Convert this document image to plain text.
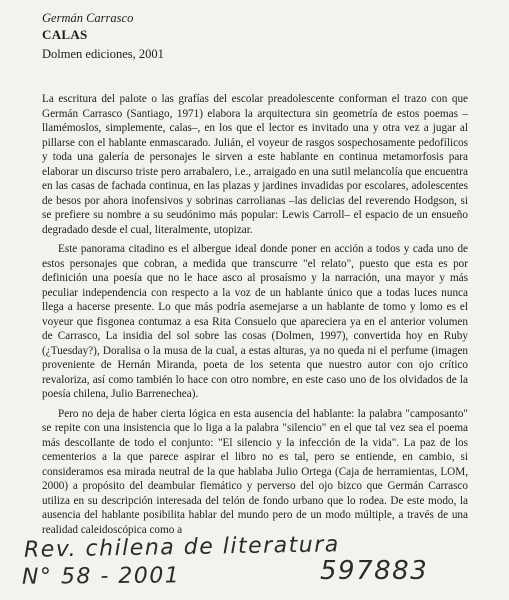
Germán Carrasco
CALAS
Dolmen ediciones, 2001

La escritura del palote o las grafías del escolar preadolescente conforman el trazo con que Germán Carrasco (Santiago, 1971) elabora la arquitectura sin geometría de estos poemas –llamémoslos, simplemente, calas–, en los que el lector es invitado una y otra vez a jugar al pillarse con el hablante enmascarado. Julián, el voyeur de rasgos sospechosamente pedofílicos y toda una galería de personajes le sirven a este hablante en continua metamorfosis para elaborar un discurso triste pero arrabalero, i.e., arraigado en una sutil melancolía que encuentra en las casas de fachada continua, en las plazas y jardines invadidas por escolares, adolescentes de besos por ahora inofensivos y sobrinas carrolianas –las delicias del reverendo Hodgson, si se prefiere su nombre a su seudónimo más popular: Lewis Carroll– el espacio de un ensueño degradado desde el cual, literalmente, utopizar.

Este panorama citadino es el albergue ideal donde poner en acción a todos y cada uno de estos personajes que cobran, a medida que transcurre "el relato", puesto que esta es por definición una poesía que no le hace asco al prosaísmo y la narración, una mayor y más peculiar independencia con respecto a la voz de un hablante único que a todas luces nunca llega a hacerse presente. Lo que más podría asemejarse a un hablante de tomo y lomo es el voyeur que fisgonea contumaz a esa Rita Consuelo que apareciera ya en el anterior volumen de Carrasco, La insidia del sol sobre las cosas (Dolmen, 1997), convertida hoy en Ruby (¿Tuesday?), Doralisa o la musa de la cual, a estas alturas, ya no queda ni el perfume (imagen proveniente de Hernán Miranda, poeta de los setenta que nuestro autor con ojo crítico revaloriza, así como también lo hace con otro nombre, en este caso uno de los olvidados de la poesía chilena, Julio Barrenechea).

Pero no deja de haber cierta lógica en esta ausencia del hablante: la palabra "camposanto" se repite con una insistencia que lo liga a la palabra "silencio" en el que tal vez sea el poema más descollante de todo el conjunto: "El silencio y la infección de la vida". La paz de los cementerios a la que parece aspirar el libro no es tal, pero se entiende, en cambio, si consideramos esa mirada neutral de la que hablaba Julio Ortega (Caja de herramientas, LOM, 2000) a propósito del deambular flemático y perverso del ojo bizco que Germán Carrasco utiliza en su descripción interesada del telón de fondo urbano que lo rodea. De este modo, la ausencia del hablante posibilita hablar del mundo pero de un modo múltiple, a través de una realidad caleidoscópica como a

Rev. chilena de literatura
N° 58 - 2001	597883
